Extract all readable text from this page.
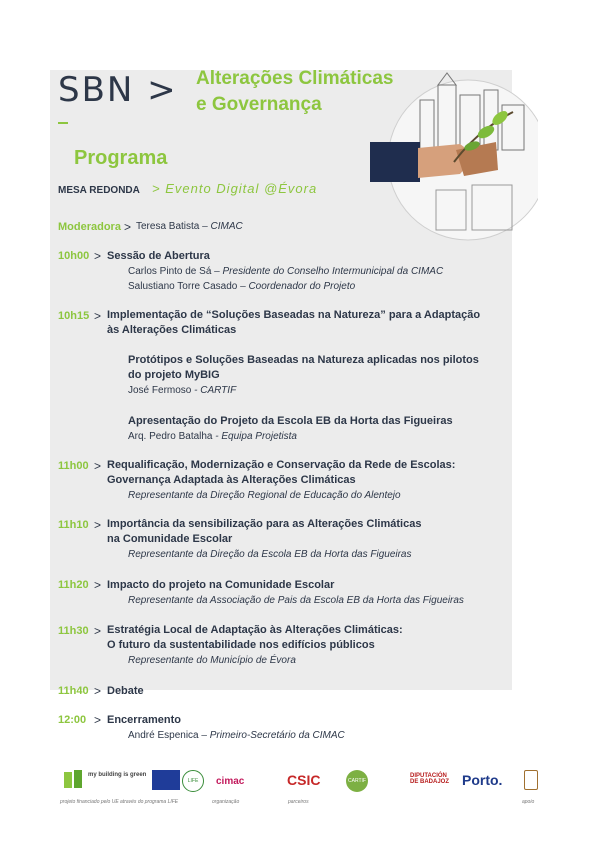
SBN > Alterações Climáticas
e Governança
Programa
MESA REDONDA > Evento Digital @Évora
Moderadora > Teresa Batista – CIMAC
10h00 > Sessão de Abertura
Carlos Pinto de Sá – Presidente do Conselho Intermunicipal da CIMAC
Salustiano Torre Casado – Coordenador do Projeto
10h15 > Implementação de “Soluções Baseadas na Natureza” para a Adaptação
às Alterações Climáticas
Protótipos e Soluções Baseadas na Natureza aplicadas nos pilotos
do projeto MyBIG
José Fermoso - CARTIF
Apresentação do Projeto da Escola EB da Horta das Figueiras
Arq. Pedro Batalha - Equipa Projetista
11h00 > Requalificação, Modernização e Conservação da Rede de Escolas:
Governança Adaptada às Alterações Climáticas
Representante da Direção Regional de Educação do Alentejo
11h10 > Importância da sensibilização para as Alterações Climáticas
na Comunidade Escolar
Representante da Direção da Escola EB da Horta das Figueiras
11h20 > Impacto do projeto na Comunidade Escolar
Representante da Associação de Pais da Escola EB da Horta das Figueiras
11h30 > Estratégia Local de Adaptação às Alterações Climáticas:
O futuro da sustentabilidade nos edifícios públicos
Representante do Município de Évora
11h40 > Debate
12:00 > Encerramento
André Espenica – Primeiro-Secretário da CIMAC
my building is green
LIFE	cimac	CSIC	CARTIF
DIPUTACIÓN DE BADAJOZ Porto.
projeto financiado pelo UE através do programa LIFE	organização	parceiros	apoio
